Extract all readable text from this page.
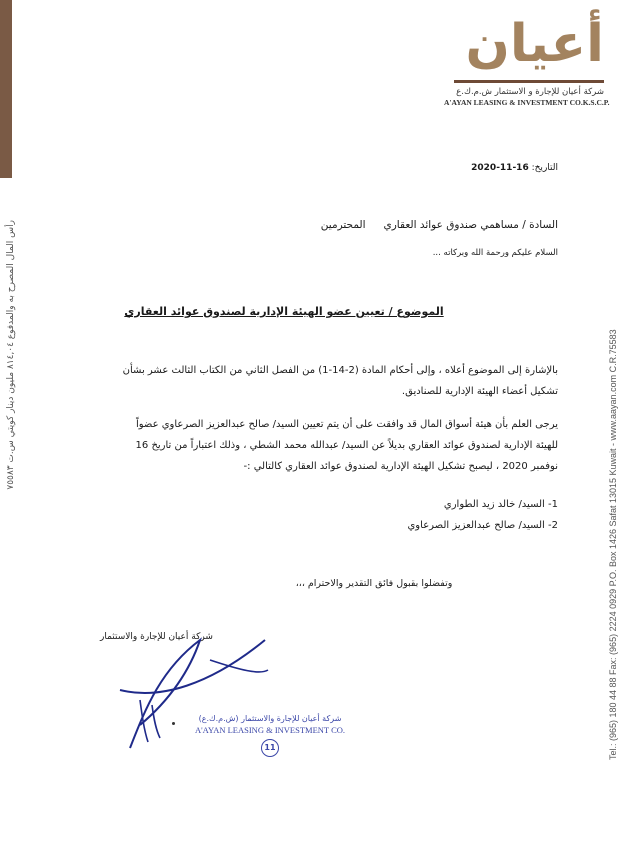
أعيان
شركة أعيان للإجارة و الاستثمار ش.م.ك.ع
A'AYAN LEASING & INVESTMENT CO.K.S.C.P.
التاريخ: 2020-11-16
السادة / مساهمي صندوق عوائد العقاريالمحترمين
السلام عليكم ورحمة الله وبركاته ...
الموضوع / تعيين عضو الهيئة الإدارية لصندوق عوائد العقاري
بالإشارة إلى الموضوع أعلاه ، وإلى أحكام المادة (2-14-1) من الفصل الثاني من الكتاب الثالث عشر بشأن تشكيل أعضاء الهيئة الإدارية للصناديق.
يرجى العلم بأن هيئة أسواق المال قد وافقت على أن يتم تعيين السيد/ صالح عبدالعزيز الصرعاوي عضواً للهيئة الإدارية لصندوق عوائد العقاري بديلاً عن السيد/ عبدالله محمد الشطي ، وذلك اعتباراً من تاريخ 16 نوفمبر 2020 ، ليصبح تشكيل الهيئة الإدارية لصندوق عوائد العقاري كالتالي :-
1- السيد/ خالد زيد الطواري
2- السيد/ صالح عبدالعزيز الصرعاوي
وتفضلوا بقبول فائق التقدير والاحترام ،،،
شركة أعيان للإجارة والاستثمار
شركة أعيان للإجارة والاستثمار (ش.م.ك.ع)
A'AYAN LEASING & INVESTMENT CO.
11
رأس المال المصرح به والمدفوع ٨١٤,٠٤ مليون دينار كويتي س.ت ٧٥٥٨٣
Tel.: (965) 180 44 88 Fax: (965) 2224 0929 P.O. Box 1426 Safat 13015 Kuwait - www.aayan.com C.R.75583
